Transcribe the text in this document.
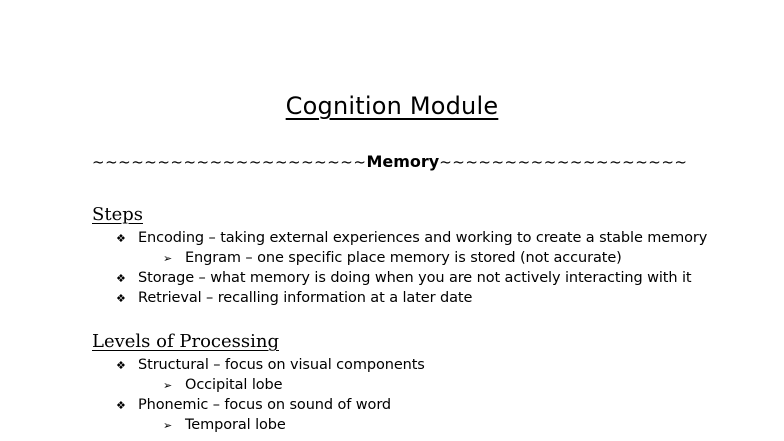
Cognition Module
~~~~~~~~~~~~~~~~~~~~~Memory~~~~~~~~~~~~~~~~~~~
Steps
❖ Encoding – taking external experiences and working to create a stable memory
➢ Engram – one specific place memory is stored (not accurate)
❖ Storage – what memory is doing when you are not actively interacting with it
❖ Retrieval – recalling information at a later date
Levels of Processing
❖ Structural – focus on visual components
➢ Occipital lobe
❖ Phonemic – focus on sound of word
➢ Temporal lobe
